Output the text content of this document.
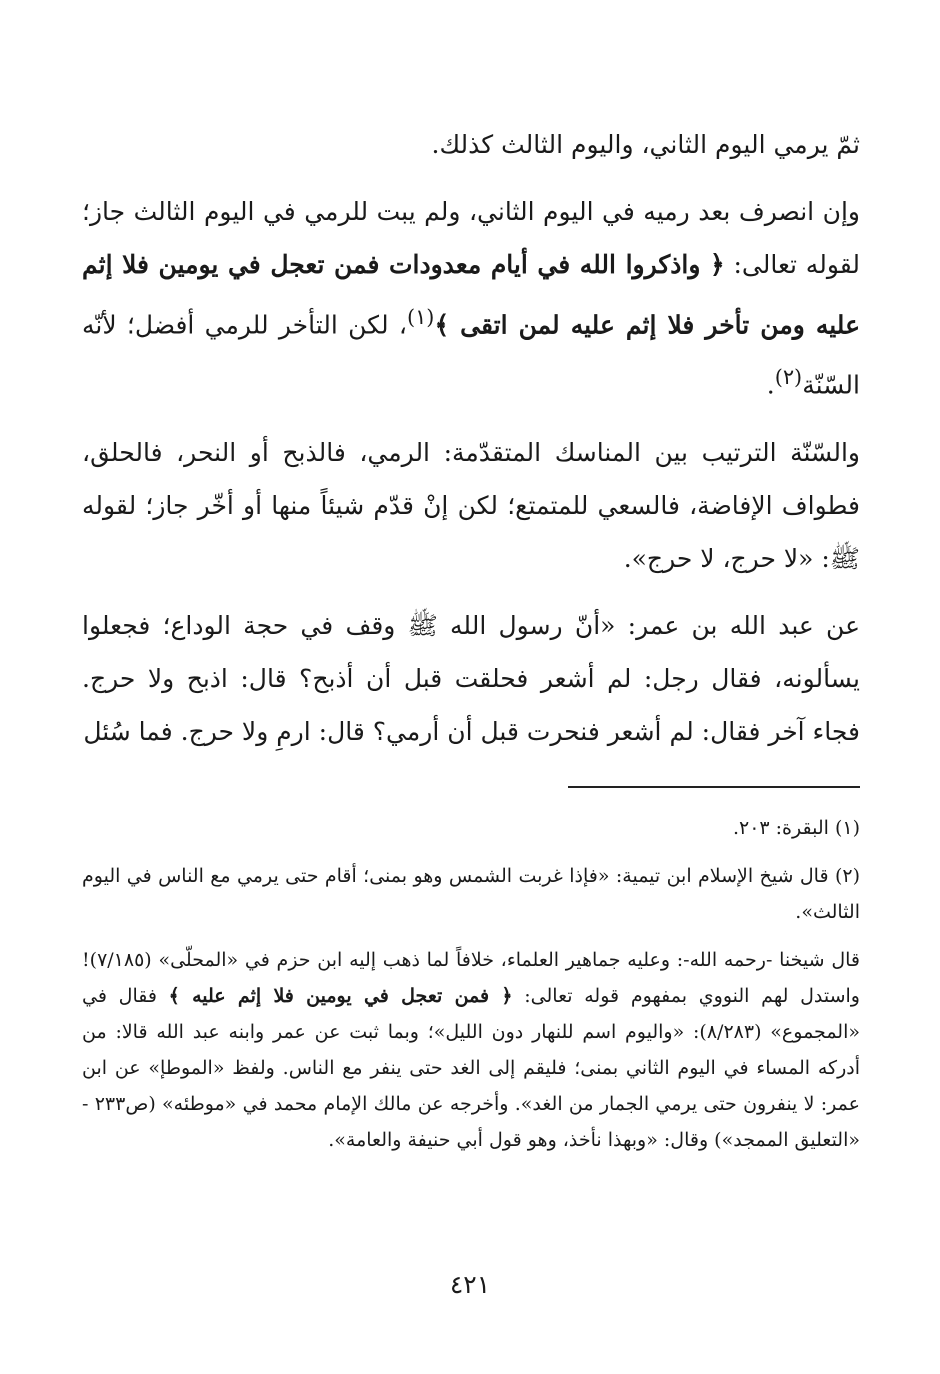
ثمّ يرمي اليوم الثاني، واليوم الثالث كذلك.

وإن انصرف بعد رميه في اليوم الثاني، ولم يبت للرمي في اليوم الثالث جاز؛ لقوله تعالى: ﴿ واذكروا الله في أيام معدودات فمن تعجل في يومين فلا إثم عليه ومن تأخر فلا إثم عليه لمن اتقى ﴾$^{(١)}$، لكن التأخر للرمي أفضل؛ لأنّه السّنّة$^{(٢)}$.

والسّنّة الترتيب بين المناسك المتقدّمة: الرمي، فالذبح أو النحر، فالحلق، فطواف الإفاضة، فالسعي للمتمتع؛ لكن إنْ قدّم شيئاً منها أو أخّر جاز؛ لقوله ﷺ: «لا حرج، لا حرج».

عن عبد الله بن عمر: «أنّ رسول الله ﷺ وقف في حجة الوداع؛ فجعلوا يسألونه، فقال رجل: لم أشعر فحلقت قبل أن أذبح؟ قال: اذبح ولا حرج. فجاء آخر فقال: لم أشعر فنحرت قبل أن أرمي؟ قال: ارمِ ولا حرج. فما سُئل

(١) البقرة: ٢٠٣.

(٢) قال شيخ الإسلام ابن تيمية: «فإذا غربت الشمس وهو بمنى؛ أقام حتى يرمي مع الناس في اليوم الثالث».

قال شيخنا -رحمه الله-: وعليه جماهير العلماء، خلافاً لما ذهب إليه ابن حزم في «المحلّى» (٧/١٨٥)! واستدل لهم النووي بمفهوم قوله تعالى: ﴿ فمن تعجل في يومين فلا إثم عليه ﴾ فقال في «المجموع» (٨/٢٨٣): «واليوم اسم للنهار دون الليل»؛ وبما ثبت عن عمر وابنه عبد الله قالا: من أدركه المساء في اليوم الثاني بمنى؛ فليقم إلى الغد حتى ينفر مع الناس. ولفظ «الموطإ» عن ابن عمر: لا ينفرون حتى يرمي الجمار من الغد». وأخرجه عن مالك الإمام محمد في «موطئه» (ص٢٣٣ - «التعليق الممجد») وقال: «وبهذا نأخذ، وهو قول أبي حنيفة والعامة».

٤٢١
